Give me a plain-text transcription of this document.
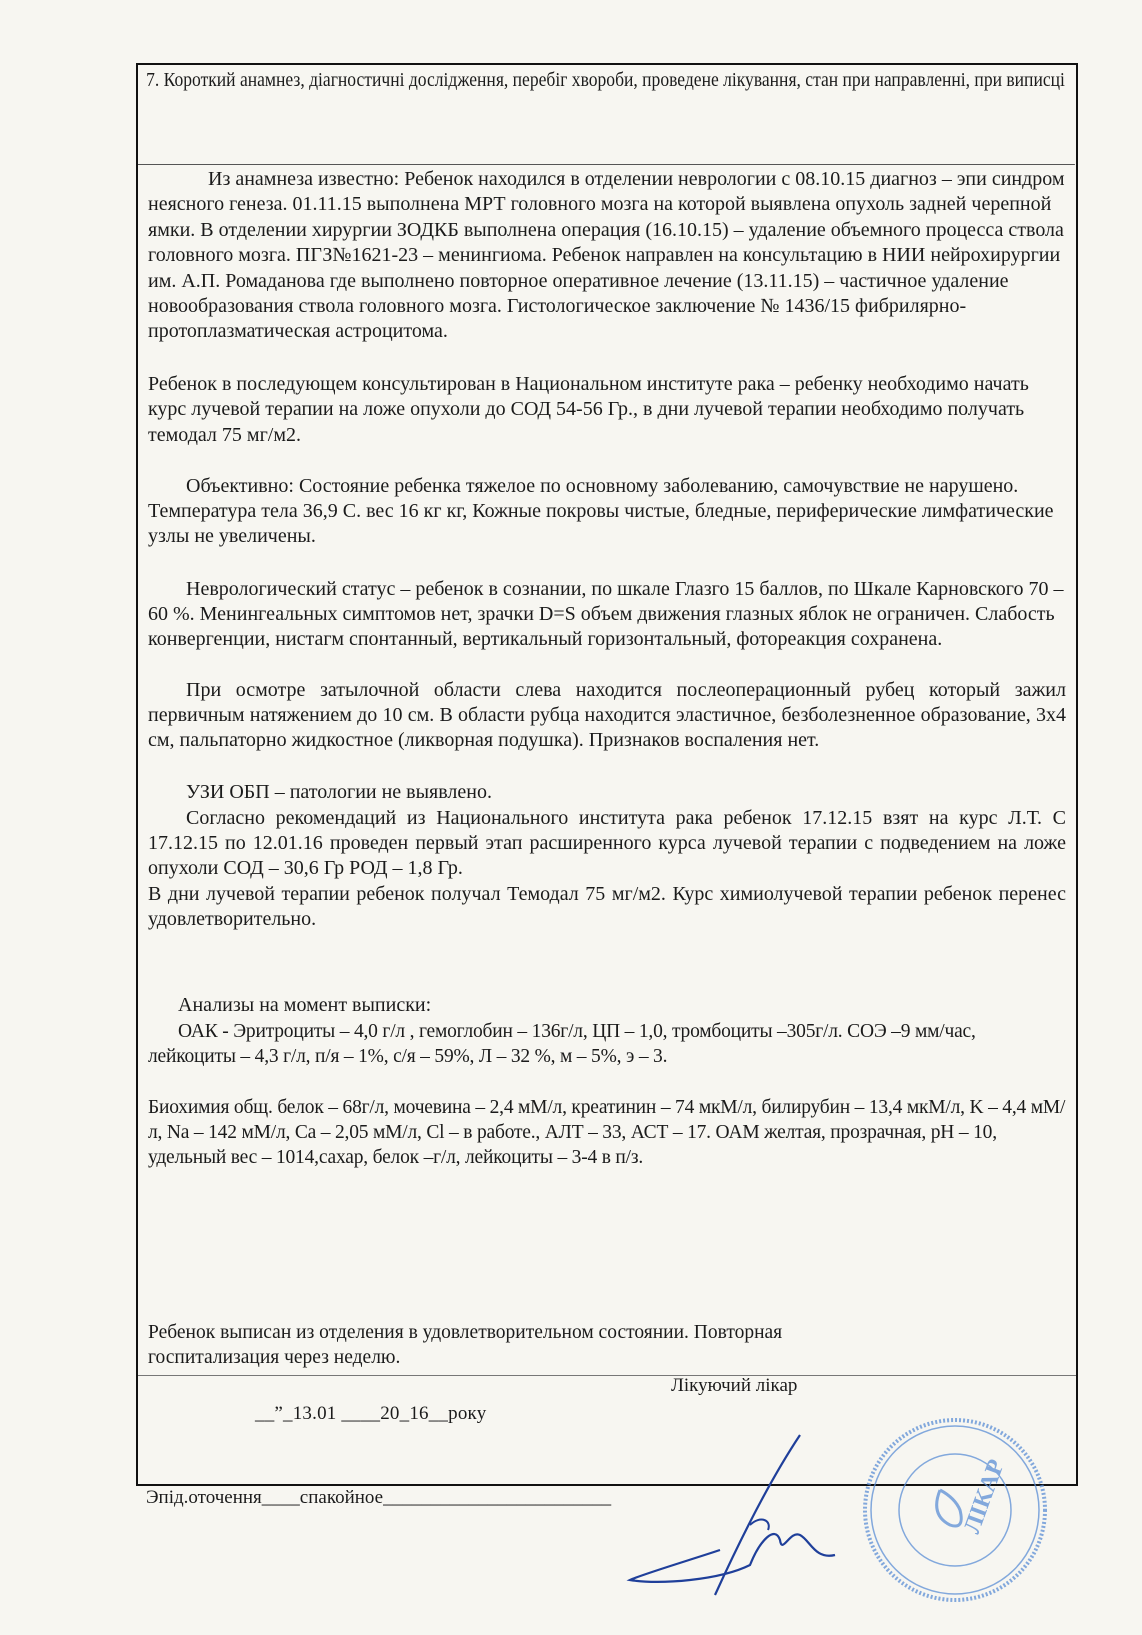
7. Короткий анамнез, діагностичні дослідження, перебіг хвороби, проведене лікування, стан при направленні, при виписці
Из анамнеза известно: Ребенок находился в отделении неврологии с 08.10.15 диагноз – эпи синдром неясного генеза. 01.11.15 выполнена МРТ головного мозга на которой выявлена опухоль задней черепной ямки. В отделении хирургии ЗОДКБ выполнена операция (16.10.15) – удаление объемного процесса ствола головного мозга. ПГЗ№1621-23 – менингиома. Ребенок направлен на консультацию в НИИ нейрохирургии им. А.П. Ромаданова где выполнено повторное оперативное лечение (13.11.15) – частичное удаление новообразования ствола головного мозга. Гистологическое заключение № 1436/15 фибрилярно-протоплазматическая астроцитома.
Ребенок в последующем консультирован в Национальном институте рака – ребенку необходимо начать курс лучевой терапии на ложе опухоли до СОД 54-56 Гр., в дни лучевой терапии необходимо получать темодал 75 мг/м2.
Объективно: Состояние ребенка тяжелое по основному заболеванию, самочувствие не нарушено. Температура тела 36,9 С. вес 16 кг кг, Кожные покровы чистые, бледные, периферические лимфатические узлы не увеличены.
Неврологический статус – ребенок в сознании, по шкале Глазго 15 баллов, по Шкале Карновского 70 – 60 %. Менингеальных симптомов нет, зрачки D=S объем движения глазных яблок не ограничен. Слабость конвергенции, нистагм спонтанный, вертикальный горизонтальный, фотореакция сохранена.
При осмотре затылочной области слева находится послеоперационный рубец который зажил первичным натяжением до 10 см. В области рубца находится эластичное, безболезненное образование, 3х4 см, пальпаторно жидкостное (ликворная подушка). Признаков воспаления нет.
УЗИ ОБП – патологии не выявлено.
Согласно рекомендаций из Национального института рака ребенок 17.12.15 взят на курс Л.Т. С 17.12.15 по 12.01.16 проведен первый этап расширенного курса лучевой терапии с подведением на ложе опухоли СОД – 30,6 Гр РОД – 1,8 Гр.
В дни лучевой терапии ребенок получал Темодал 75 мг/м2. Курс химиолучевой терапии ребенок перенес удовлетворительно.
Анализы на момент выписки:
ОАК - Эритроциты – 4,0 г/л , гемоглобин – 136г/л, ЦП – 1,0, тромбоциты –305г/л. СОЭ –9 мм/час, лейкоциты – 4,3 г/л, п/я – 1%, с/я – 59%, Л – 32 %, м – 5%, э – 3.
Биохимия общ. белок – 68г/л, мочевина – 2,4 мМ/л, креатинин – 74 мкМ/л, билирубин – 13,4 мкМ/л, K – 4,4 мМ/л, Na – 142 мМ/л, Ca – 2,05 мМ/л, Cl – в работе., АЛТ – 33, АСТ – 17. ОАМ желтая, прозрачная, рН – 10, удельный вес – 1014,сахар, белок –г/л, лейкоциты – 3-4 в п/з.
Ребенок выписан из отделения в удовлетворительном состоянии. Повторная госпитализация через неделю.
Лікуючий лікар
__”_13.01 ____20_16__року
Эпід.оточення____спакойное________________________	ЛІКАР
